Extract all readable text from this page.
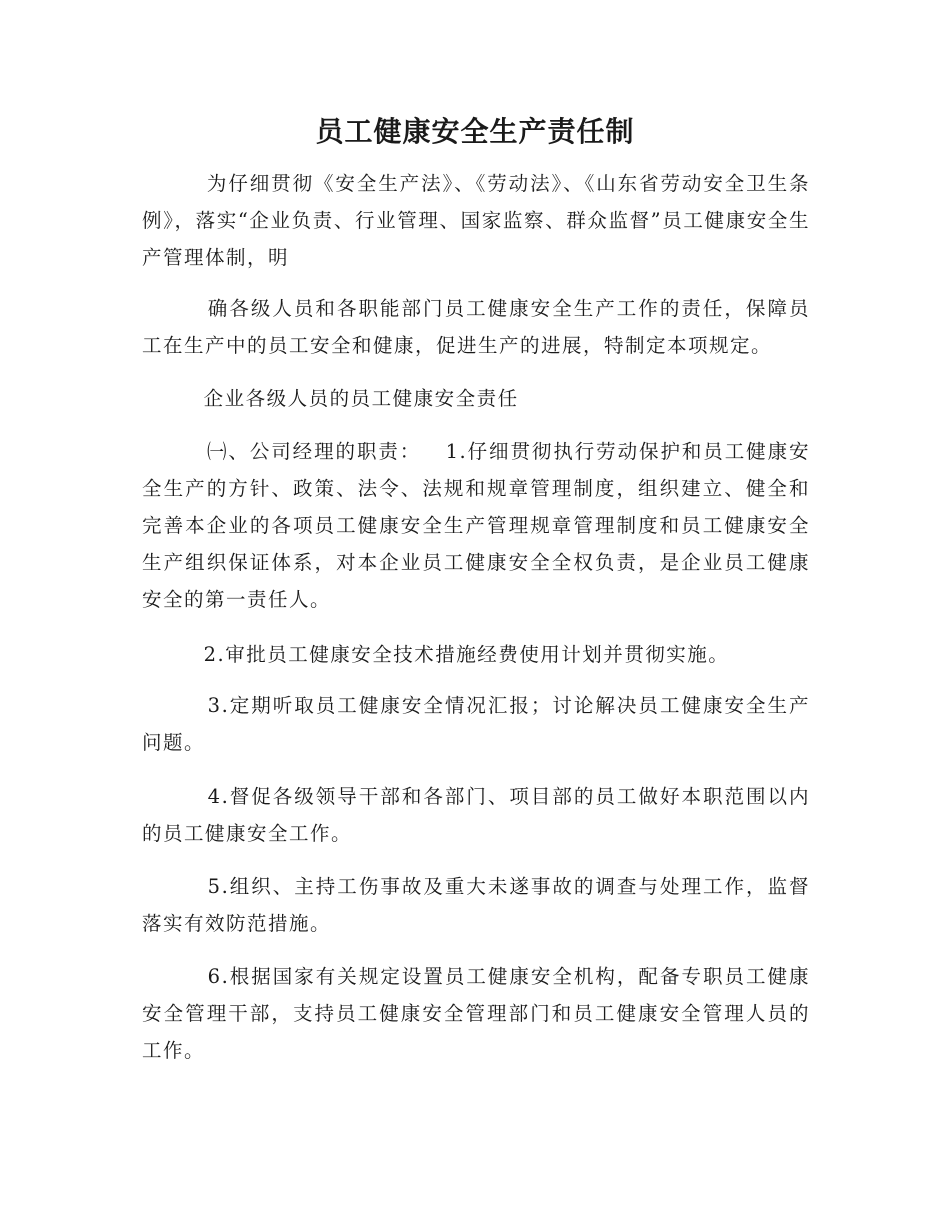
员工健康安全生产责任制

为仔细贯彻《安全生产法》、《劳动法》、《山东省劳动安全卫生条例》，落实“企业负责、行业管理、国家监察、群众监督”员工健康安全生产管理体制，明

确各级人员和各职能部门员工健康安全生产工作的责任，保障员工在生产中的员工安全和健康，促进生产的进展，特制定本项规定。

企业各级人员的员工健康安全责任

㈠、公司经理的职责：   1.仔细贯彻执行劳动保护和员工健康安全生产的方针、政策、法令、法规和规章管理制度，组织建立、健全和完善本企业的各项员工健康安全生产管理规章管理制度和员工健康安全生产组织保证体系，对本企业员工健康安全全权负责，是企业员工健康安全的第一责任人。

2.审批员工健康安全技术措施经费使用计划并贯彻实施。

3.定期听取员工健康安全情况汇报；讨论解决员工健康安全生产问题。

4.督促各级领导干部和各部门、项目部的员工做好本职范围以内的员工健康安全工作。

5.组织、主持工伤事故及重大未遂事故的调查与处理工作，监督落实有效防范措施。

6.根据国家有关规定设置员工健康安全机构，配备专职员工健康安全管理干部，支持员工健康安全管理部门和员工健康安全管理人员的工作。
